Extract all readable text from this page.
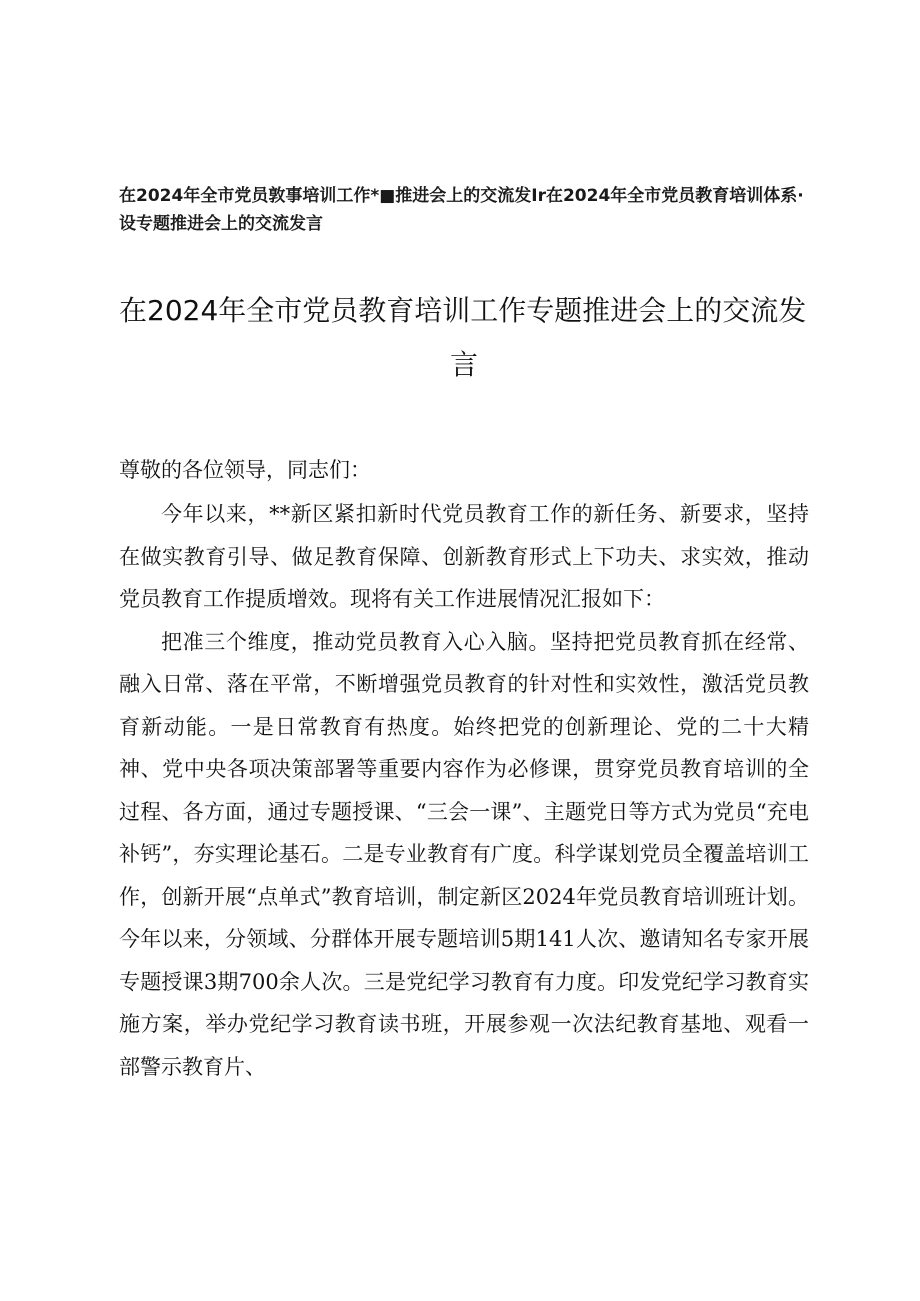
在2024年全市党员敦事培训工作*■推进会上的交流发Ir在2024年全市党员教育培训体系·设专题推进会上的交流发言
在2024年全市党员教育培训工作专题推进会上的交流发
言
尊敬的各位领导，同志们：

今年以来，**新区紧扣新时代党员教育工作的新任务、新要求，坚持在做实教育引导、做足教育保障、创新教育形式上下功夫、求实效，推动党员教育工作提质增效。现将有关工作进展情况汇报如下：

把准三个维度，推动党员教育入心入脑。坚持把党员教育抓在经常、融入日常、落在平常，不断增强党员教育的针对性和实效性，激活党员教育新动能。一是日常教育有热度。始终把党的创新理论、党的二十大精神、党中央各项决策部署等重要内容作为必修课，贯穿党员教育培训的全过程、各方面，通过专题授课、“三会一课”、主题党日等方式为党员“充电补钙”，夯实理论基石。二是专业教育有广度。科学谋划党员全覆盖培训工作，创新开展“点单式”教育培训，制定新区2024年党员教育培训班计划。今年以来，分领域、分群体开展专题培训5期141人次、邀请知名专家开展专题授课3期700余人次。三是党纪学习教育有力度。印发党纪学习教育实施方案，举办党纪学习教育读书班，开展参观一次法纪教育基地、观看一部警示教育片、
